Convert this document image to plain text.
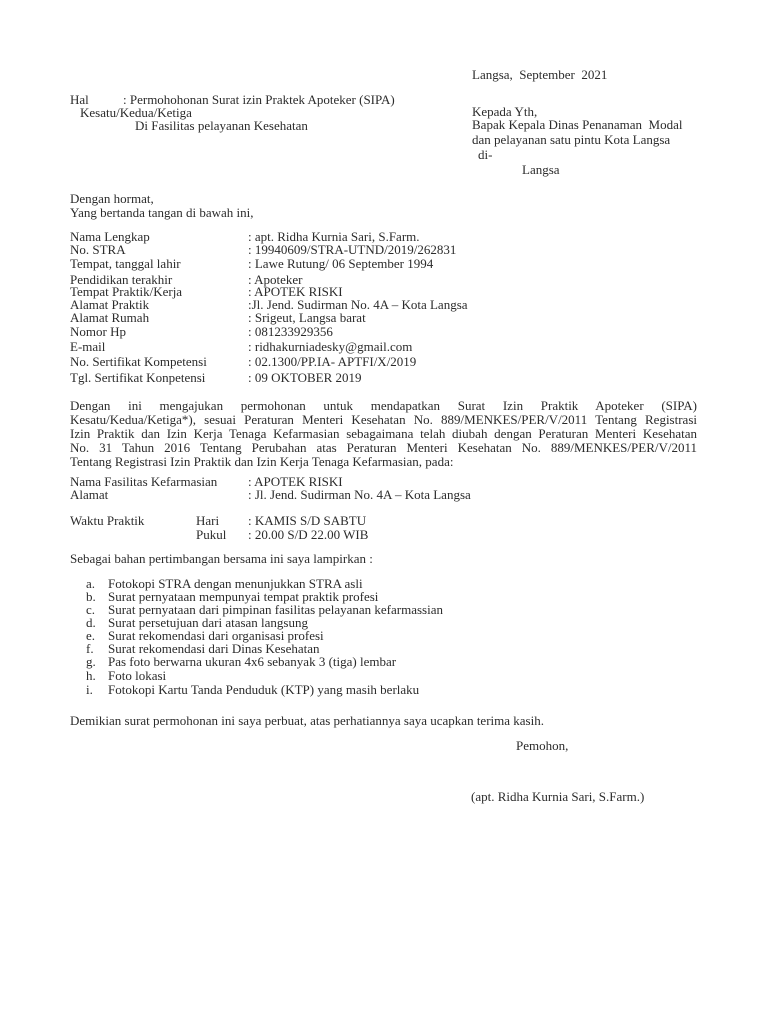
Langsa,  September  2021
Hal	: Permohohonan Surat izin Praktek Apoteker (SIPA)
Kesatu/Kedua/Ketiga
Di Fasilitas pelayanan Kesehatan
Kepada Yth,
Bapak Kepala Dinas Penanaman  Modal
dan pelayanan satu pintu Kota Langsa
di-
Langsa
Dengan hormat,
Yang bertanda tangan di bawah ini,
Nama Lengkap	: apt. Ridha Kurnia Sari, S.Farm.
No. STRA	: 19940609/STRA-UTND/2019/262831
Tempat, tanggal lahir	: Lawe Rutung/ 06 September 1994
Pendidikan terakhir	: Apoteker
Tempat Praktik/Kerja	: APOTEK RISKI
Alamat Praktik	:Jl. Jend. Sudirman No. 4A – Kota Langsa
Alamat Rumah	: Srigeut, Langsa barat
Nomor Hp	: 081233929356
E-mail	: ridhakurniadesky@gmail.com
No. Sertifikat Kompetensi	: 02.1300/PP.IA- APTFI/X/2019
Tgl. Sertifikat Konpetensi	: 09 OKTOBER 2019
Dengan ini mengajukan permohonan untuk mendapatkan Surat Izin Praktik Apoteker (SIPA)
Kesatu/Kedua/Ketiga*), sesuai Peraturan Menteri Kesehatan No. 889/MENKES/PER/V/2011 Tentang Registrasi
Izin Praktik dan Izin Kerja Tenaga Kefarmasian sebagaimana telah diubah dengan Peraturan Menteri Kesehatan
No. 31 Tahun 2016 Tentang Perubahan atas Peraturan Menteri Kesehatan No. 889/MENKES/PER/V/2011
Tentang Registrasi Izin Praktik dan Izin Kerja Tenaga Kefarmasian, pada:
Nama Fasilitas Kefarmasian : APOTEK RISKI
Alamat	: Jl. Jend. Sudirman No. 4A – Kota Langsa
Waktu Praktik	Hari : KAMIS S/D SABTU
Pukul : 20.00 S/D 22.00 WIB
Sebagai bahan pertimbangan bersama ini saya lampirkan :
a. Fotokopi STRA dengan menunjukkan STRA asli
b. Surat pernyataan mempunyai tempat praktik profesi
c. Surat pernyataan dari pimpinan fasilitas pelayanan kefarmassian
d. Surat persetujuan dari atasan langsung
e. Surat rekomendasi dari organisasi profesi
f. Surat rekomendasi dari Dinas Kesehatan
g. Pas foto berwarna ukuran 4x6 sebanyak 3 (tiga) lembar
h. Foto lokasi
i. Fotokopi Kartu Tanda Penduduk (KTP) yang masih berlaku
Demikian surat permohonan ini saya perbuat, atas perhatiannya saya ucapkan terima kasih.
Pemohon,
(apt. Ridha Kurnia Sari, S.Farm.)
